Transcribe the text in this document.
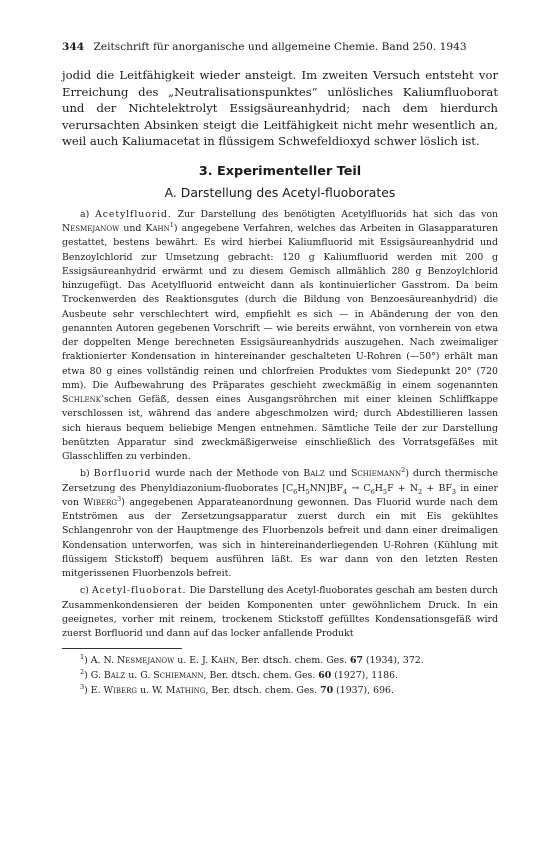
344 Zeitschrift für anorganische und allgemeine Chemie. Band 250. 1943

jodid die Leitfähigkeit wieder ansteigt. Im zweiten Versuch entsteht vor Erreichung des „Neutralisationspunktes“ unlösliches Kaliumfluoborat und der Nichtelektrolyt Essigsäureanhydrid; nach dem hierdurch verursachten Absinken steigt die Leitfähigkeit nicht mehr wesentlich an, weil auch Kaliumacetat in flüssigem Schwefeldioxyd schwer löslich ist.

3. Experimenteller Teil
A. Darstellung des Acetyl-fluoborates

a) Acetylfluorid. Zur Darstellung des benötigten Acetylfluorids hat sich das von Nesmejanow und Kahn$^1$) angegebene Verfahren, welches das Arbeiten in Glasapparaturen gestattet, bestens bewährt. Es wird hierbei Kaliumfluorid mit Essigsäureanhydrid und Benzoylchlorid zur Umsetzung gebracht: 120 g Kaliumfluorid werden mit 200 g Essigsäureanhydrid erwärmt und zu diesem Gemisch allmählich 280 g Benzoylchlorid hinzugefügt. Das Acetylfluorid entweicht dann als kontinuierlicher Gasstrom. Da beim Trockenwerden des Reaktionsgutes (durch die Bildung von Benzoesäureanhydrid) die Ausbeute sehr verschlechtert wird, empfiehlt es sich — in Abänderung der von den genannten Autoren gegebenen Vorschrift — wie bereits erwähnt, von vornherein von etwa der doppelten Menge berechneten Essigsäureanhydrids auszugehen. Nach zweimaliger fraktionierter Kondensation in hintereinander geschalteten U-Rohren (—50°) erhält man etwa 80 g eines vollständig reinen und chlorfreien Produktes vom Siedepunkt 20° (720 mm). Die Aufbewahrung des Präparates geschieht zweckmäßig in einem sogenannten Schlenk’schen Gefäß, dessen eines Ausgangsröhrchen mit einer kleinen Schliffkappe verschlossen ist, während das andere abgeschmolzen wird; durch Abdestillieren lassen sich hieraus bequem beliebige Mengen entnehmen. Sämtliche Teile der zur Darstellung benützten Apparatur sind zweckmäßigerweise einschließlich des Vorratsgefäßes mit Glasschliffen zu verbinden.

b) Borfluorid wurde nach der Methode von Balz und Schiemann$^2$) durch thermische Zersetzung des Phenyldiazonium-fluoborates $[C_6H_5NN]BF_4 \to C_6H_5F + N_2 + BF_3$ in einer von Wiberg$^3$) angegebenen Apparateanordnung gewonnen. Das Fluorid wurde nach dem Entströmen aus der Zersetzungsapparatur zuerst durch ein mit Eis gekühltes Schlangenrohr von der Hauptmenge des Fluorbenzols befreit und dann einer dreimaligen Kondensation unterworfen, was sich in hintereinanderliegenden U-Rohren (Kühlung mit flüssigem Stickstoff) bequem ausführen läßt. Es war dann von den letzten Resten mitgerissenen Fluorbenzols befreit.

c) Acetyl-fluoborat. Die Darstellung des Acetyl-fluoborates geschah am besten durch Zusammenkondensieren der beiden Komponenten unter gewöhnlichem Druck. In ein geeignetes, vorher mit reinem, trockenem Stickstoff gefülltes Kondensationsgefäß wird zuerst Borfluorid und dann auf das locker anfallende Produkt

$^1$) A. N. Nesmejanow u. E. J. Kahn, Ber. dtsch. chem. Ges. 67 (1934), 372.
$^2$) G. Balz u. G. Schiemann, Ber. dtsch. chem. Ges. 60 (1927), 1186.
$^3$) E. Wiberg u. W. Mathing, Ber. dtsch. chem. Ges. 70 (1937), 696.
